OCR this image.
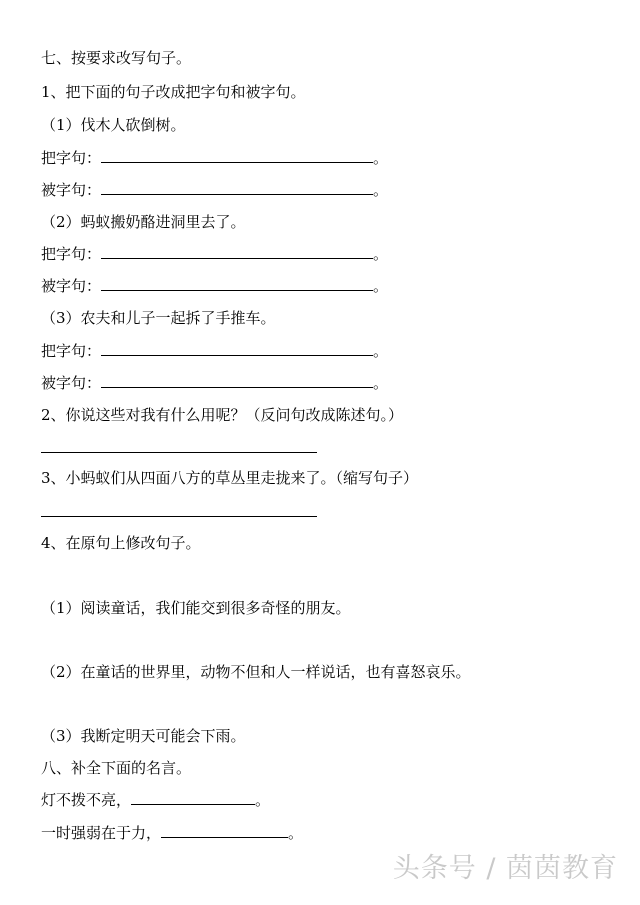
七、按要求改写句子。
1、把下面的句子改成把字句和被字句。
（1）伐木人砍倒树。
把字句：	。
被字句：	。
（2）蚂蚁搬奶酪进洞里去了。
把字句：	。
被字句：	。
（3）农夫和儿子一起拆了手推车。
把字句：	。
被字句：	。
2、你说这些对我有什么用呢？（反问句改成陈述句。）
3、小蚂蚁们从四面八方的草丛里走拢来了。（缩写句子）
4、在原句上修改句子。
（1）阅读童话，我们能交到很多奇怪的朋友。
（2）在童话的世界里，动物不但和人一样说话，也有喜怒哀乐。
（3）我断定明天可能会下雨。
八、补全下面的名言。
灯不拨不亮，	。
一时强弱在于力，	。
头条号 / 茵茵教育
